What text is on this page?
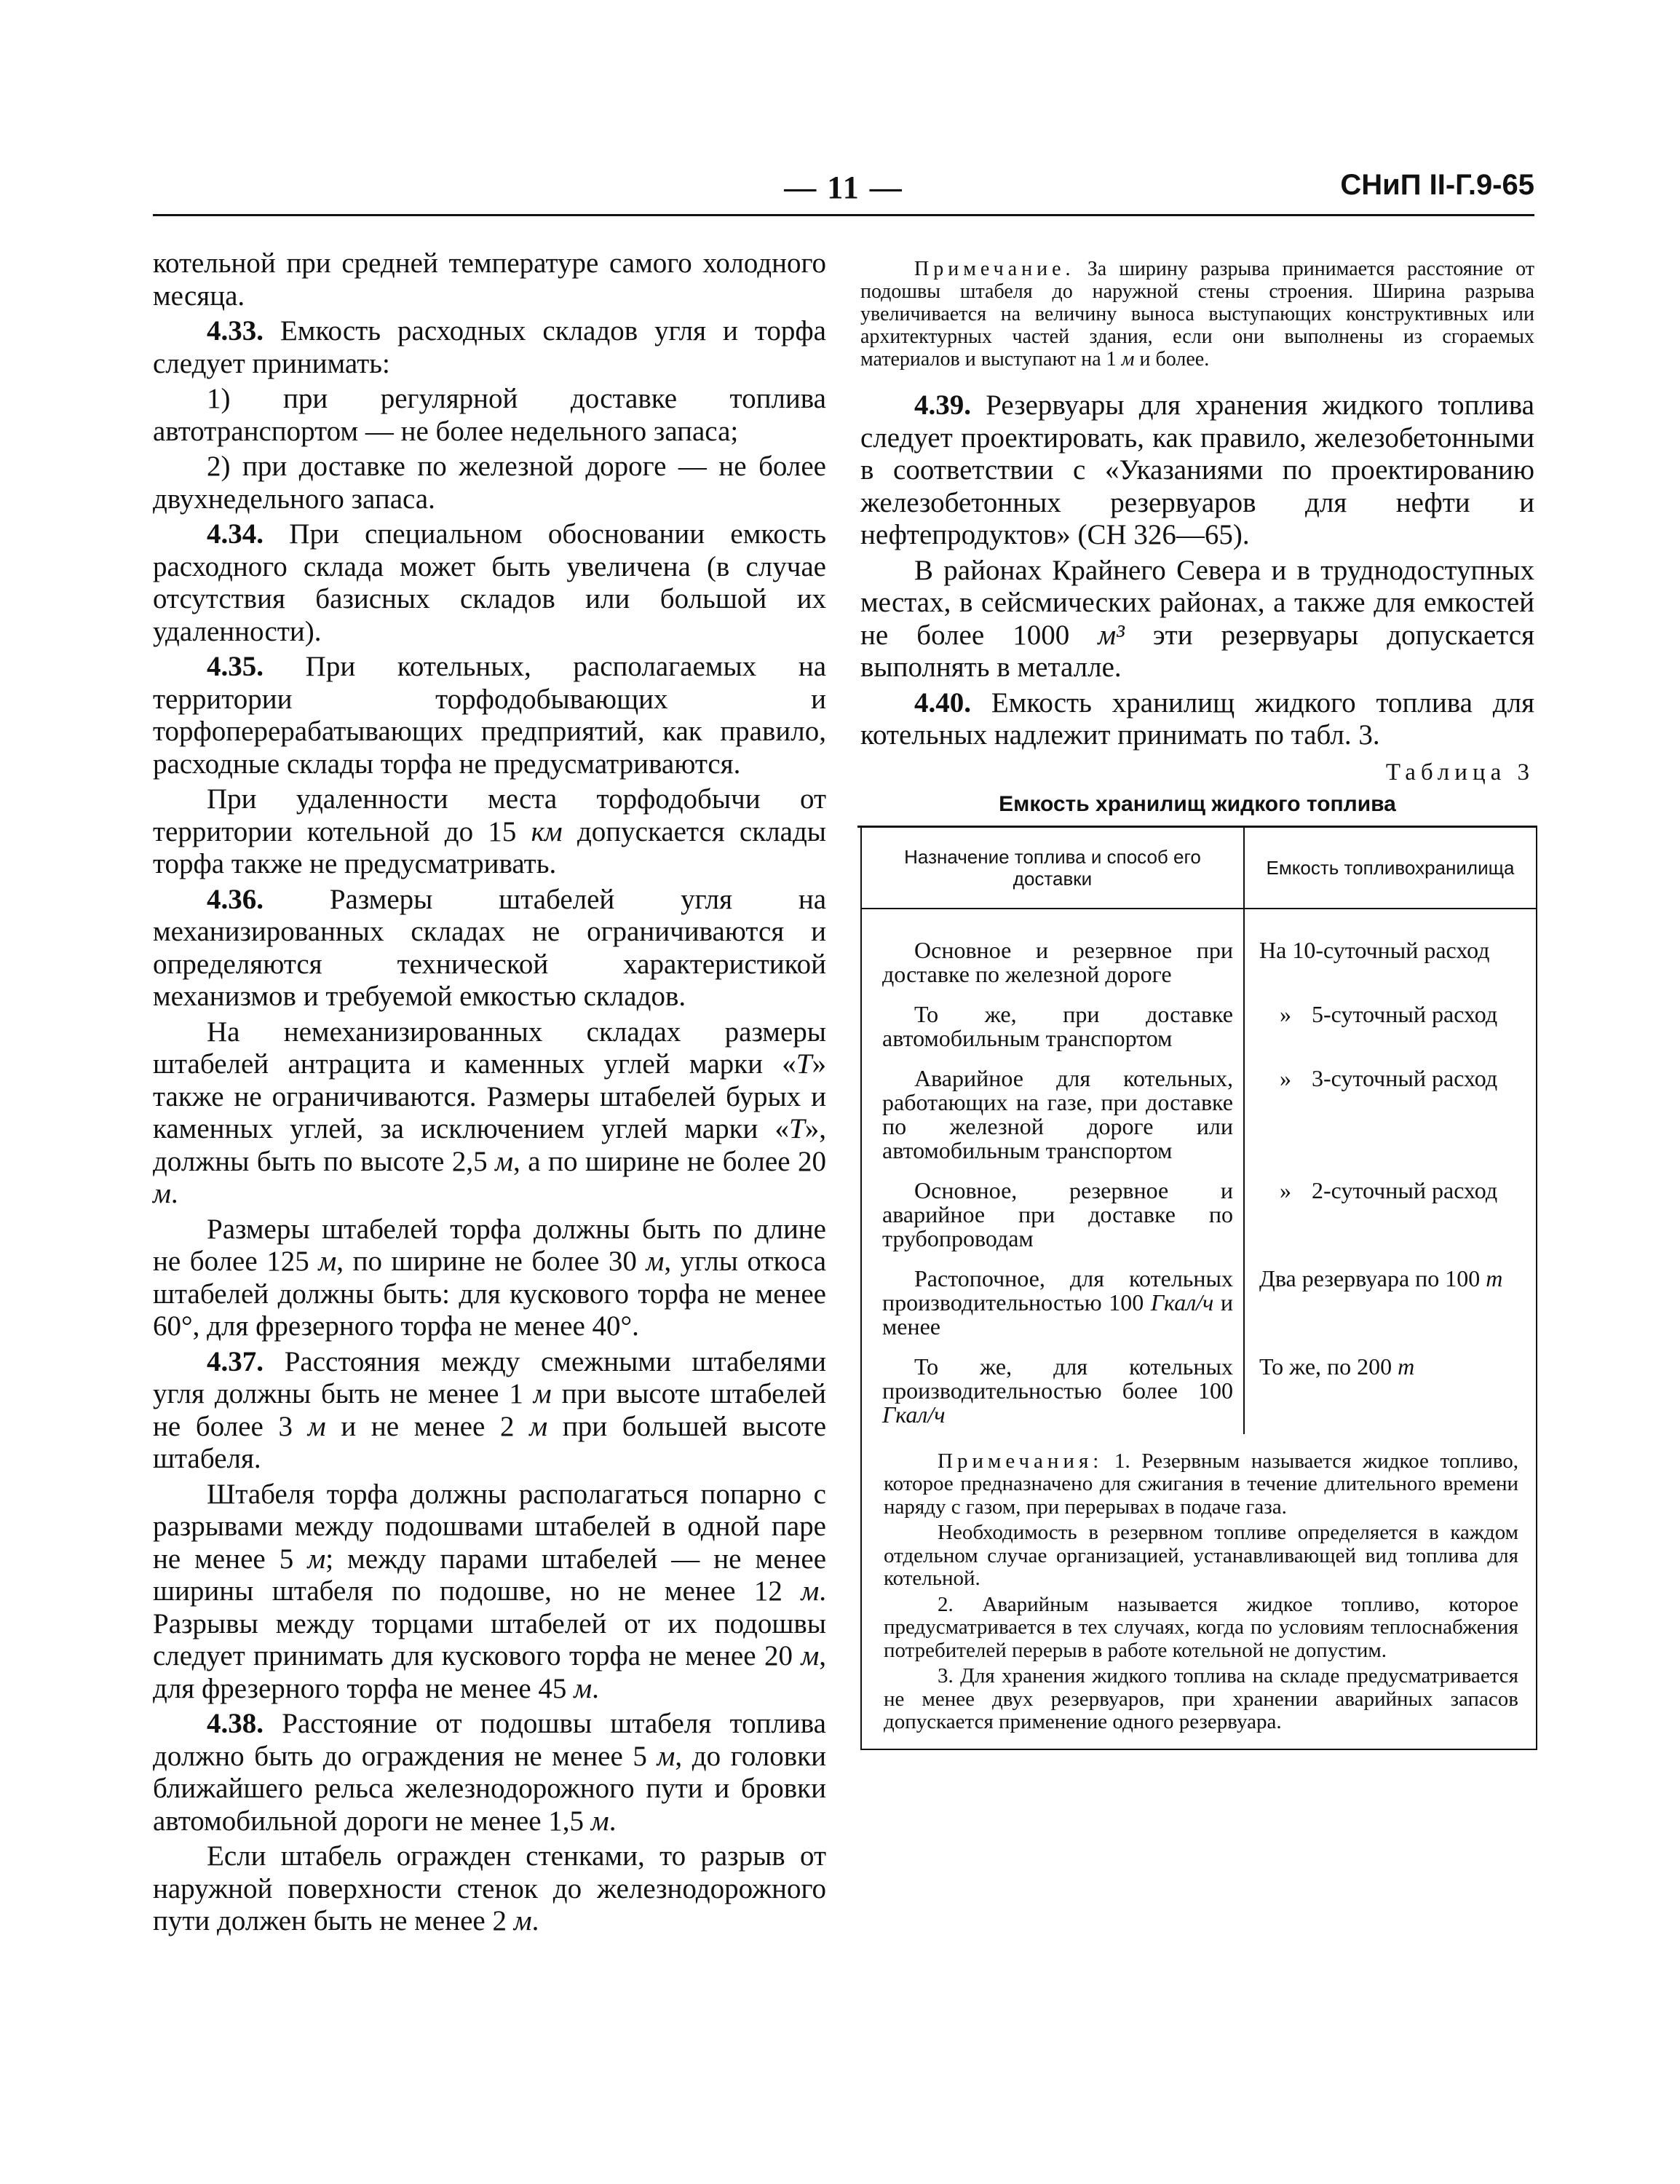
— 11 —	СНиП II-Г.9-65

котельной при средней температуре самого холодного месяца.

4.33. Емкость расходных складов угля и торфа следует принимать:

1) при регулярной доставке топлива автотранспортом — не более недельного запаса;

2) при доставке по железной дороге — не более двухнедельного запаса.

4.34. При специальном обосновании емкость расходного склада может быть увеличена (в случае отсутствия базисных складов или большой их удаленности).

4.35. При котельных, располагаемых на территории торфодобывающих и торфоперерабатывающих предприятий, как правило, расходные склады торфа не предусматриваются.

При удаленности места торфодобычи от территории котельной до 15 км допускается склады торфа также не предусматривать.

4.36. Размеры штабелей угля на механизированных складах не ограничиваются и определяются технической характеристикой механизмов и требуемой емкостью складов.

На немеханизированных складах размеры штабелей антрацита и каменных углей марки «Т» также не ограничиваются. Размеры штабелей бурых и каменных углей, за исключением углей марки «Т», должны быть по высоте 2,5 м, а по ширине не более 20 м.

Размеры штабелей торфа должны быть по длине не более 125 м, по ширине не более 30 м, углы откоса штабелей должны быть: для кускового торфа не менее 60°, для фрезерного торфа не менее 40°.

4.37. Расстояния между смежными штабелями угля должны быть не менее 1 м при высоте штабелей не более 3 м и не менее 2 м при большей высоте штабеля.

Штабеля торфа должны располагаться попарно с разрывами между подошвами штабелей в одной паре не менее 5 м; между парами штабелей — не менее ширины штабеля по подошве, но не менее 12 м. Разрывы между торцами штабелей от их подошвы следует принимать для кускового торфа не менее 20 м, для фрезерного торфа не менее 45 м.

4.38. Расстояние от подошвы штабеля топлива должно быть до ограждения не менее 5 м, до головки ближайшего рельса железнодорожного пути и бровки автомобильной дороги не менее 1,5 м.

Если штабель огражден стенками, то разрыв от наружной поверхности стенок до железнодорожного пути должен быть не менее 2 м.

Примечание. За ширину разрыва принимается расстояние от подошвы штабеля до наружной стены строения. Ширина разрыва увеличивается на величину выноса выступающих конструктивных или архитектурных частей здания, если они выполнены из сгораемых материалов и выступают на 1 м и более.

4.39. Резервуары для хранения жидкого топлива следует проектировать, как правило, железобетонными в соответствии с «Указаниями по проектированию железобетонных резервуаров для нефти и нефтепродуктов» (СН 326—65).

В районах Крайнего Севера и в труднодоступных местах, в сейсмических районах, а также для емкостей не более 1000 м³ эти резервуары допускается выполнять в металле.

4.40. Емкость хранилищ жидкого топлива для котельных надлежит принимать по табл. 3.

Таблица 3
Емкость хранилищ жидкого топлива
Назначение топлива и способ его доставки	Емкость топливохранилища

Основное и резервное при доставке по железной дороге	На 10-суточный расход

То же, при доставке автомобильным транспортом	» 5-суточный расход

Аварийное для котельных, работающих на газе, при доставке по железной дороге или автомобильным транспортом	» 3-суточный расход

Основное, резервное и аварийное при доставке по трубопроводам	» 2-суточный расход

Растопочное, для котельных производительностью 100 Гкал/ч и менее	Два резервуара по 100 т

То же, для котельных производительностью более 100 Гкал/ч	То же, по 200 т

Примечания: 1. Резервным называется жидкое топливо, которое предназначено для сжигания в течение длительного времени наряду с газом, при перерывах в подаче газа.

Необходимость в резервном топливе определяется в каждом отдельном случае организацией, устанавливающей вид топлива для котельной.

2. Аварийным называется жидкое топливо, которое предусматривается в тех случаях, когда по условиям теплоснабжения потребителей перерыв в работе котельной не допустим.

3. Для хранения жидкого топлива на складе предусматривается не менее двух резервуаров, при хранении аварийных запасов допускается применение одного резервуара.
